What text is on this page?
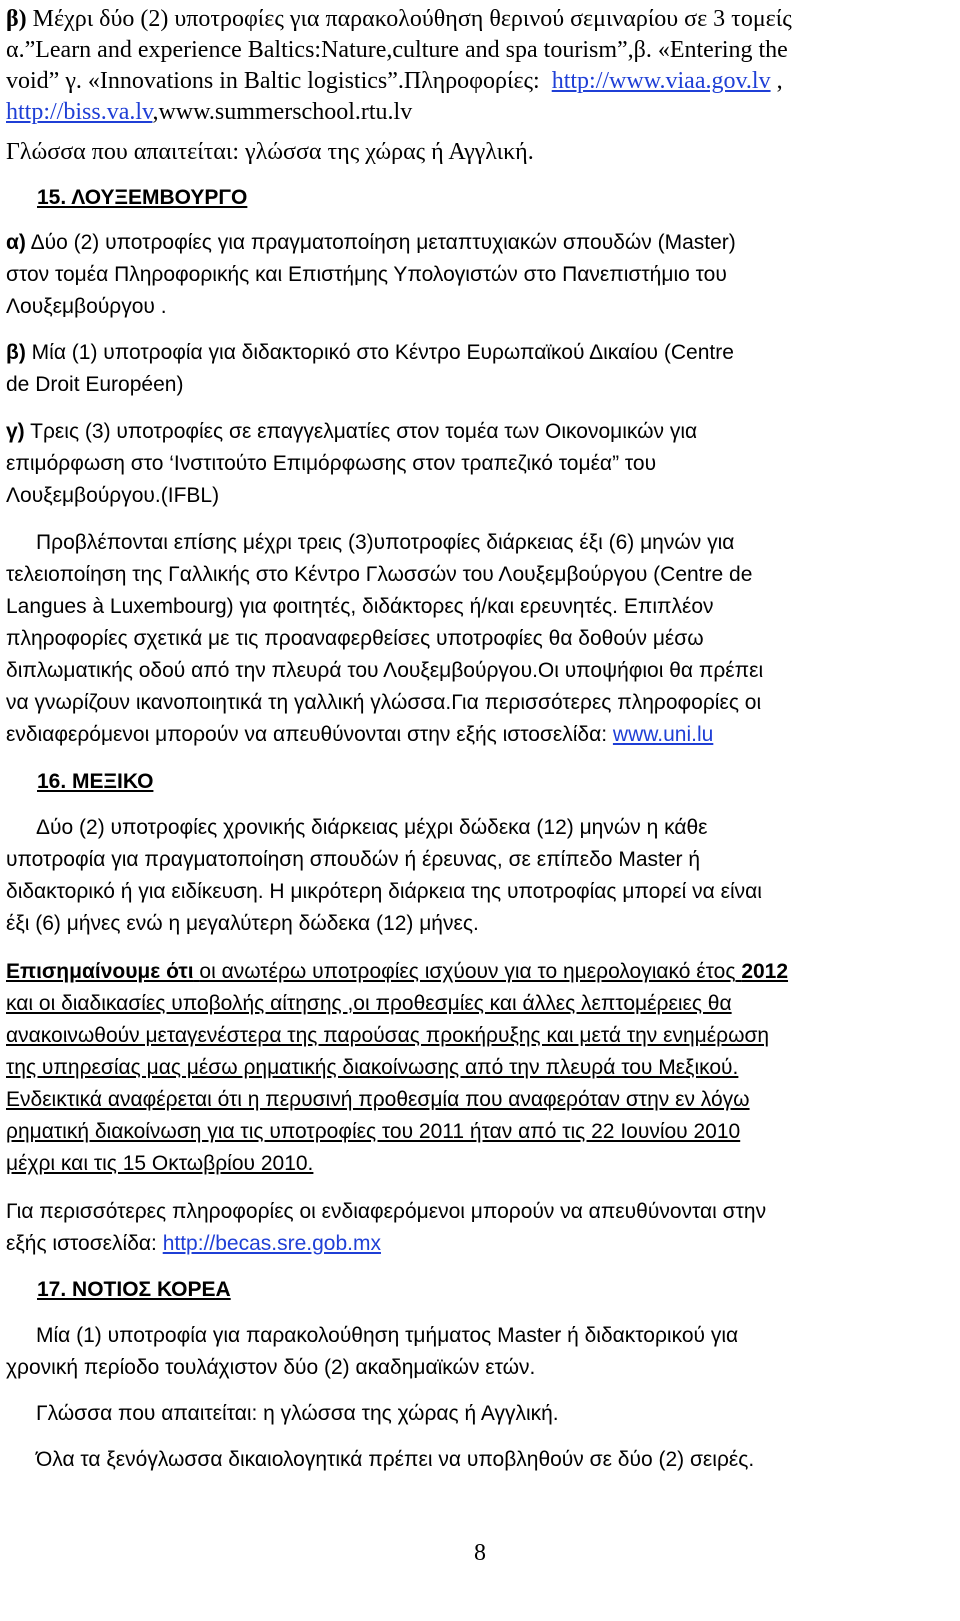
β) Μέχρι δύο (2) υποτροφίες για παρακολούθηση θερινού σεμιναρίου σε 3 τομείς
α.”Learn and experience Baltics:Nature,culture and spa tourism”,β. «Entering the
void” γ. «Innovations in Baltic logistics”.Πληροφορίες: http://www.viaa.gov.lv ,
http://biss.va.lv,www.summerschool.rtu.lv
Γλώσσα που απαιτείται: γλώσσα της χώρας ή Αγγλική.
15. ΛΟΥΞΕΜΒΟΥΡΓΟ
α) Δύο (2) υποτροφίες για πραγματοποίηση μεταπτυχιακών σπουδών (Master)
στον τομέα Πληροφορικής και Επιστήμης Υπολογιστών στο Πανεπιστήμιο του
Λουξεμβούργου .
β) Μία (1) υποτροφία για διδακτορικό στο Κέντρο Ευρωπαϊκού Δικαίου (Centre
de Droit Européen)
γ) Τρεις (3) υποτροφίες σε επαγγελματίες στον τομέα των Οικονομικών για
επιμόρφωση στο ‘Ινστιτούτο Επιμόρφωσης στον τραπεζικό τομέα” του
Λουξεμβούργου.(IFBL)
Προβλέπονται επίσης μέχρι τρεις (3)υποτροφίες διάρκειας έξι (6) μηνών για
τελειοποίηση της Γαλλικής στο Κέντρο Γλωσσών του Λουξεμβούργου (Centre de
Langues à Luxembourg) για φοιτητές, διδάκτορες ή/και ερευνητές. Επιπλέον
πληροφορίες σχετικά με τις προαναφερθείσες υποτροφίες θα δοθούν μέσω
διπλωματικής οδού από την πλευρά του Λουξεμβούργου.Οι υποψήφιοι θα πρέπει
να γνωρίζουν ικανοποιητικά τη γαλλική γλώσσα.Για περισσότερες πληροφορίες οι
ενδιαφερόμενοι μπορούν να απευθύνονται στην εξής ιστοσελίδα: www.uni.lu
16. ΜΕΞΙΚΟ
Δύο (2) υποτροφίες χρονικής διάρκειας μέχρι δώδεκα (12) μηνών η κάθε
υποτροφία για πραγματοποίηση σπουδών ή έρευνας, σε επίπεδο Master ή
διδακτορικό ή για ειδίκευση. Η μικρότερη διάρκεια της υποτροφίας μπορεί να είναι
έξι (6) μήνες ενώ η μεγαλύτερη δώδεκα (12) μήνες.
Επισημαίνουμε ότι οι ανωτέρω υποτροφίες ισχύουν για το ημερολογιακό έτος 2012
και οι διαδικασίες υποβολής αίτησης ,οι προθεσμίες και άλλες λεπτομέρειες θα
ανακοινωθούν μεταγενέστερα της παρούσας προκήρυξης και μετά την ενημέρωση
της υπηρεσίας μας μέσω ρηματικής διακοίνωσης από την πλευρά του Μεξικού.
Ενδεικτικά αναφέρεται ότι η περυσινή προθεσμία που αναφερόταν στην εν λόγω
ρηματική διακοίνωση για τις υποτροφίες του 2011 ήταν από τις 22 Ιουνίου 2010
μέχρι και τις 15 Οκτωβρίου 2010.
Για περισσότερες πληροφορίες οι ενδιαφερόμενοι μπορούν να απευθύνονται στην
εξής ιστοσελίδα: http://becas.sre.gob.mx
17. ΝΟΤΙΟΣ ΚΟΡΕΑ
Μία (1) υποτροφία για παρακολούθηση τμήματος Master ή διδακτορικού για
χρονική περίοδο τουλάχιστον δύο (2) ακαδημαϊκών ετών.
Γλώσσα που απαιτείται: η γλώσσα της χώρας ή Αγγλική.
Όλα τα ξενόγλωσσα δικαιολογητικά πρέπει να υποβληθούν σε δύο (2) σειρές.
8
